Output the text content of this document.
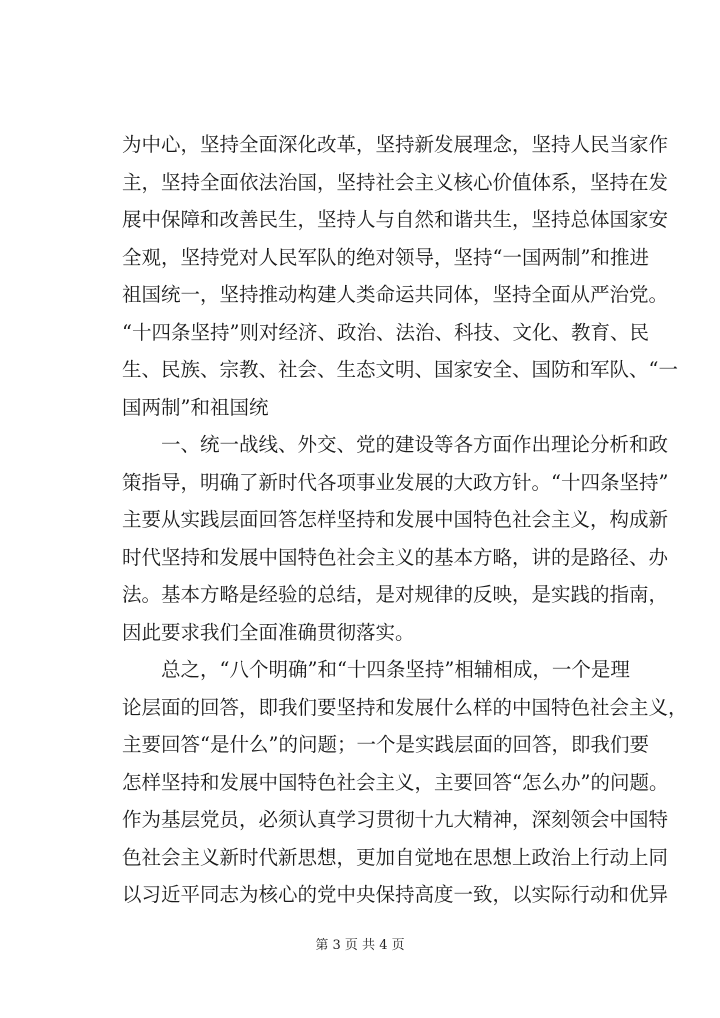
为中心，坚持全面深化改革，坚持新发展理念，坚持人民当家作
主，坚持全面依法治国，坚持社会主义核心价值体系，坚持在发
展中保障和改善民生，坚持人与自然和谐共生，坚持总体国家安
全观，坚持党对人民军队的绝对领导，坚持“一国两制”和推进
祖国统一，坚持推动构建人类命运共同体，坚持全面从严治党。
“十四条坚持”则对经济、政治、法治、科技、文化、教育、民
生、民族、宗教、社会、生态文明、国家安全、国防和军队、“一
国两制”和祖国统
　　一、统一战线、外交、党的建设等各方面作出理论分析和政
策指导，明确了新时代各项事业发展的大政方针。“十四条坚持”
主要从实践层面回答怎样坚持和发展中国特色社会主义，构成新
时代坚持和发展中国特色社会主义的基本方略，讲的是路径、办
法。基本方略是经验的总结，是对规律的反映，是实践的指南，
因此要求我们全面准确贯彻落实。
　　总之，“八个明确”和“十四条坚持”相辅相成，一个是理
论层面的回答，即我们要坚持和发展什么样的中国特色社会主义，
主要回答“是什么”的问题；一个是实践层面的回答，即我们要
怎样坚持和发展中国特色社会主义，主要回答“怎么办”的问题。
作为基层党员，必须认真学习贯彻十九大精神，深刻领会中国特
色社会主义新时代新思想，更加自觉地在思想上政治上行动上同
以习近平同志为核心的党中央保持高度一致，以实际行动和优异
第 3 页 共 4 页
